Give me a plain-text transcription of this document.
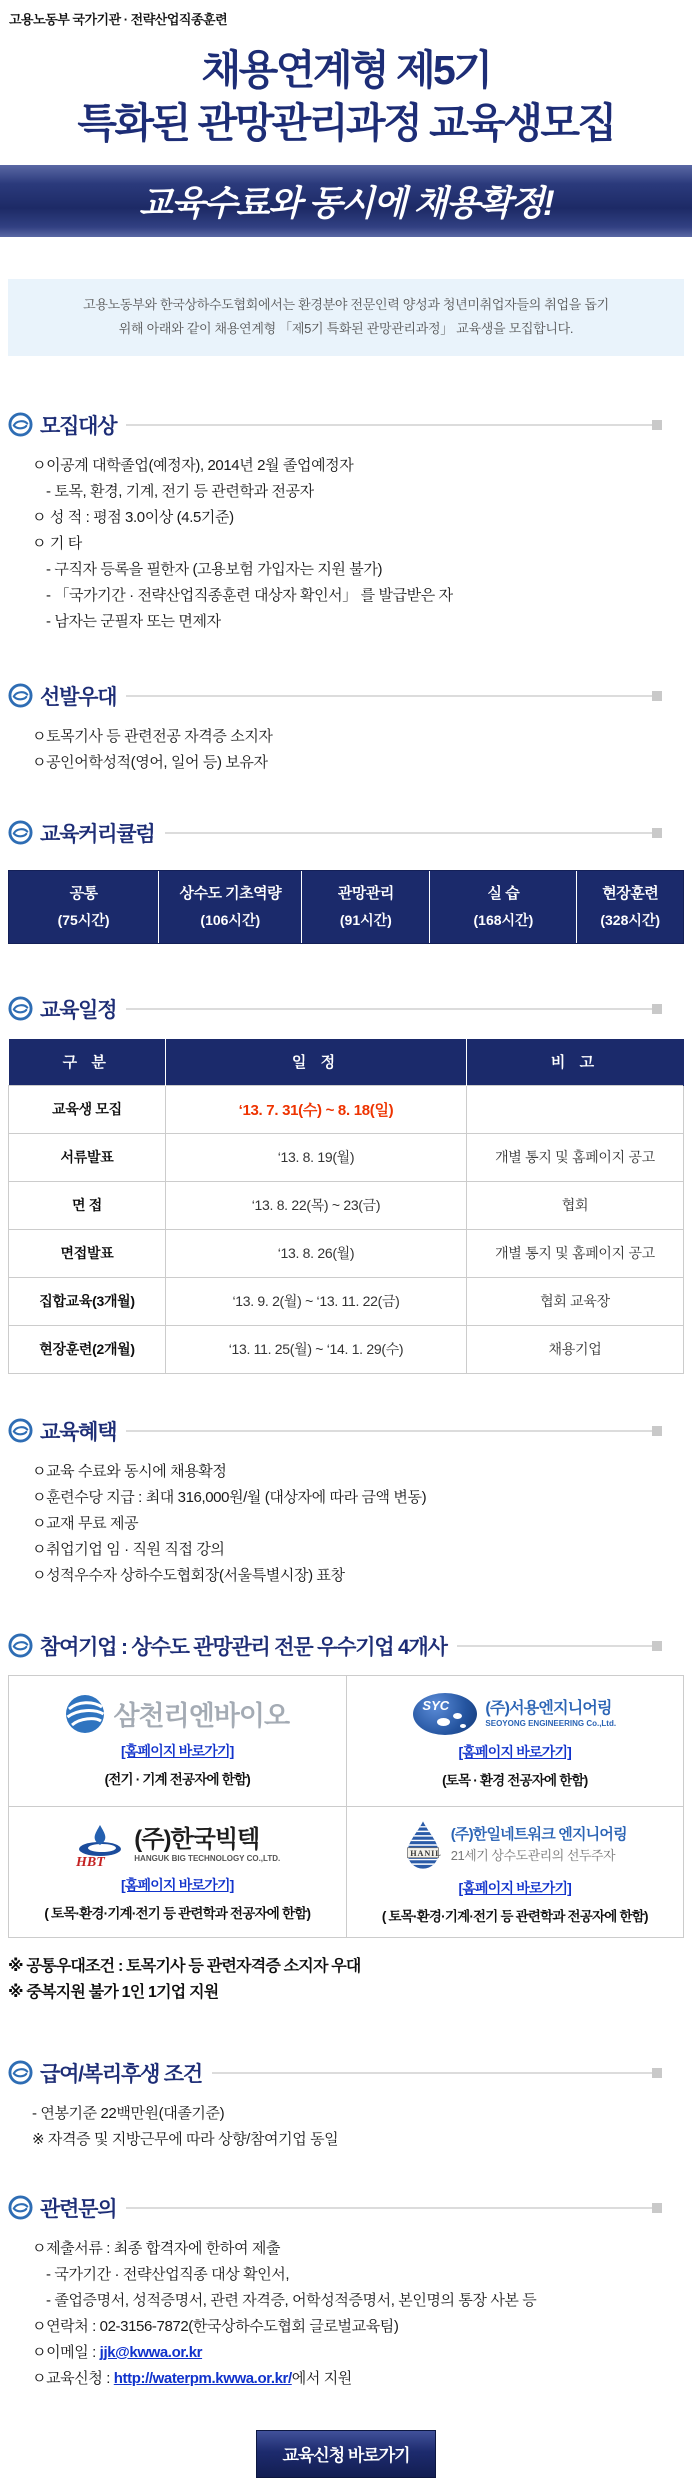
고용노동부 국가기관 · 전략산업직종훈련
채용연계형 제5기
특화된 관망관리과정 교육생모집
교육수료와 동시에 채용확정!
고용노동부와 한국상하수도협회에서는 환경분야 전문인력 양성과 청년미취업자들의 취업을 돕기
위해 아래와 같이 채용연계형 「제5기 특화된 관망관리과정」 교육생을 모집합니다.
모집대상
ㅇ이공계 대학졸업(예정자), 2014년 2월 졸업예정자
- 토목, 환경, 기계, 전기 등 관련학과 전공자
ㅇ 성 적 : 평점 3.0이상 (4.5기준)
ㅇ 기 타
- 구직자 등록을 필한자 (고용보험 가입자는 지원 불가)
- 「국가기간 · 전략산업직종훈련 대상자 확인서」 를 발급받은 자
- 남자는 군필자 또는 면제자
선발우대
ㅇ토목기사 등 관련전공 자격증 소지자
ㅇ공인어학성적(영어, 일어 등) 보유자
교육커리큘럼
공통
(75시간)
상수도 기초역량
(106시간)
관망관리
(91시간)
실 습
(168시간)
현장훈련
(328시간)
교육일정
구 분	일 정	비 고
교육생 모집	‘13. 7. 31(수) ~ 8. 18(일)	
서류발표	‘13. 8. 19(월)	개별 통지 및 홈페이지 공고
면 접	‘13. 8. 22(목) ~ 23(금)	협회
면접발표	‘13. 8. 26(월)	개별 통지 및 홈페이지 공고
집합교육(3개월)	‘13. 9. 2(월) ~ ‘13. 11. 22(금)	협회 교육장
현장훈련(2개월)	‘13. 11. 25(월) ~ ‘14. 1. 29(수)	채용기업
교육혜택
ㅇ교육 수료와 동시에 채용확정
ㅇ훈련수당 지급 : 최대 316,000원/월 (대상자에 따라 금액 변동)
ㅇ교재 무료 제공
ㅇ취업기업 임 · 직원 직접 강의
ㅇ성적우수자 상하수도협회장(서울특별시장) 표창
참여기업 : 상수도 관망관리 전문 우수기업 4개사
삼천리엔바이오
[홈페이지 바로가기]
(전기 · 기계 전공자에 한함)
SYC (주)서용엔지니어링
SEOYONG ENGINEERING Co.,Ltd.
[홈페이지 바로가기]
(토목 · 환경 전공자에 한함)
HBT
(주)한국빅텍
HANGUK BIG TECHNOLOGY CO.,LTD.
[홈페이지 바로가기]
( 토목·환경·기계·전기 등 관련학과 전공자에 한함)
HANIL
(주)한일네트워크 엔지니어링
21세기 상수도관리의 선두주자
[홈페이지 바로가기]
( 토목·환경·기계·전기 등 관련학과 전공자에 한함)
※ 공통우대조건 : 토목기사 등 관련자격증 소지자 우대
※ 중복지원 불가 1인 1기업 지원
급여/복리후생 조건
- 연봉기준 22백만원(대졸기준)
※ 자격증 및 지방근무에 따라 상향/참여기업 동일
관련문의
ㅇ제출서류 : 최종 합격자에 한하여 제출
- 국가기간 · 전략산업직종 대상 확인서,
- 졸업증명서, 성적증명서, 관련 자격증, 어학성적증명서, 본인명의 통장 사본 등
ㅇ연락처 : 02-3156-7872(한국상하수도협회 글로벌교육팀)
ㅇ이메일 : jjk@kwwa.or.kr
ㅇ교육신청 : http://waterpm.kwwa.or.kr/에서 지원
교육신청 바로가기
